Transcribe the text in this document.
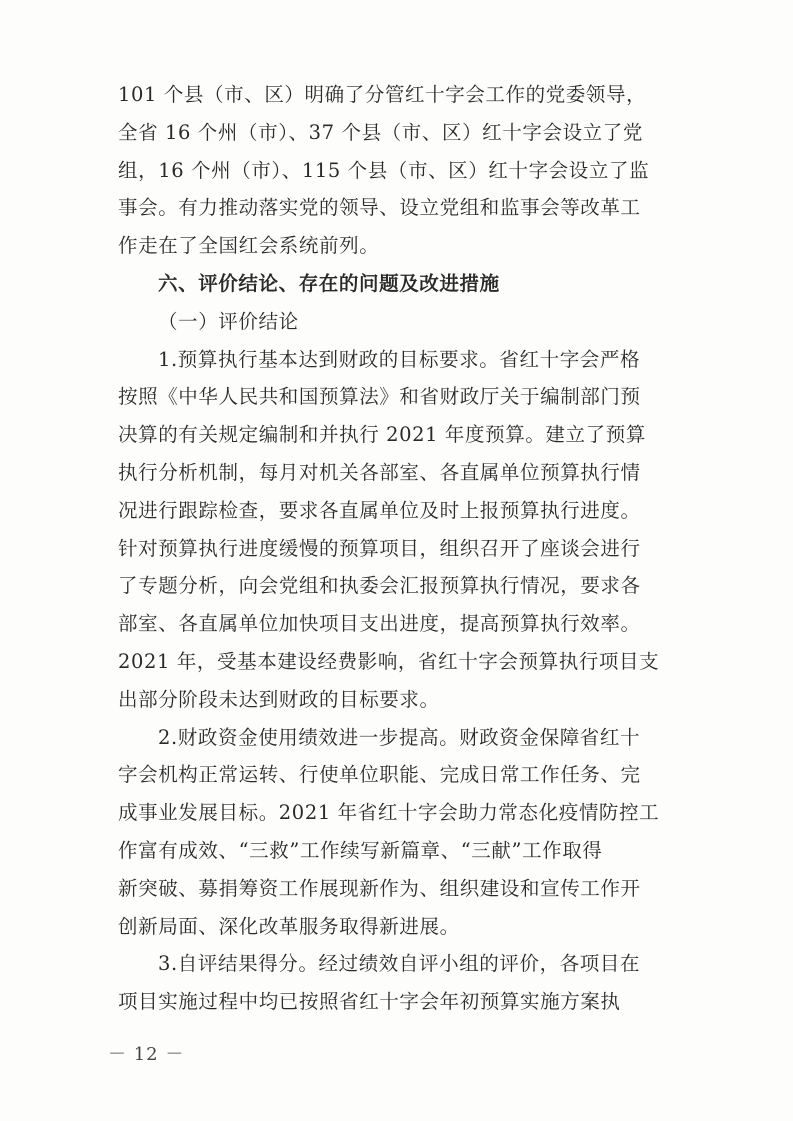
101 个县（市、区）明确了分管红十字会工作的党委领导，
全省 16 个州（市）、37 个县（市、区）红十字会设立了党
组，16 个州（市）、115 个县（市、区）红十字会设立了监
事会。有力推动落实党的领导、设立党组和监事会等改革工
作走在了全国红会系统前列。
六、评价结论、存在的问题及改进措施
（一）评价结论
1.预算执行基本达到财政的目标要求。省红十字会严格
按照《中华人民共和国预算法》和省财政厅关于编制部门预
决算的有关规定编制和并执行 2021 年度预算。建立了预算
执行分析机制，每月对机关各部室、各直属单位预算执行情
况进行跟踪检查，要求各直属单位及时上报预算执行进度。
针对预算执行进度缓慢的预算项目，组织召开了座谈会进行
了专题分析，向会党组和执委会汇报预算执行情况，要求各
部室、各直属单位加快项目支出进度，提高预算执行效率。
2021 年，受基本建设经费影响，省红十字会预算执行项目支
出部分阶段未达到财政的目标要求。
2.财政资金使用绩效进一步提高。财政资金保障省红十
字会机构正常运转、行使单位职能、完成日常工作任务、完
成事业发展目标。2021 年省红十字会助力常态化疫情防控工
作富有成效、“三救”工作续写新篇章、“三献”工作取得
新突破、募捐筹资工作展现新作为、组织建设和宣传工作开
创新局面、深化改革服务取得新进展。
3.自评结果得分。经过绩效自评小组的评价，各项目在
项目实施过程中均已按照省红十字会年初预算实施方案执
－ 12 －
